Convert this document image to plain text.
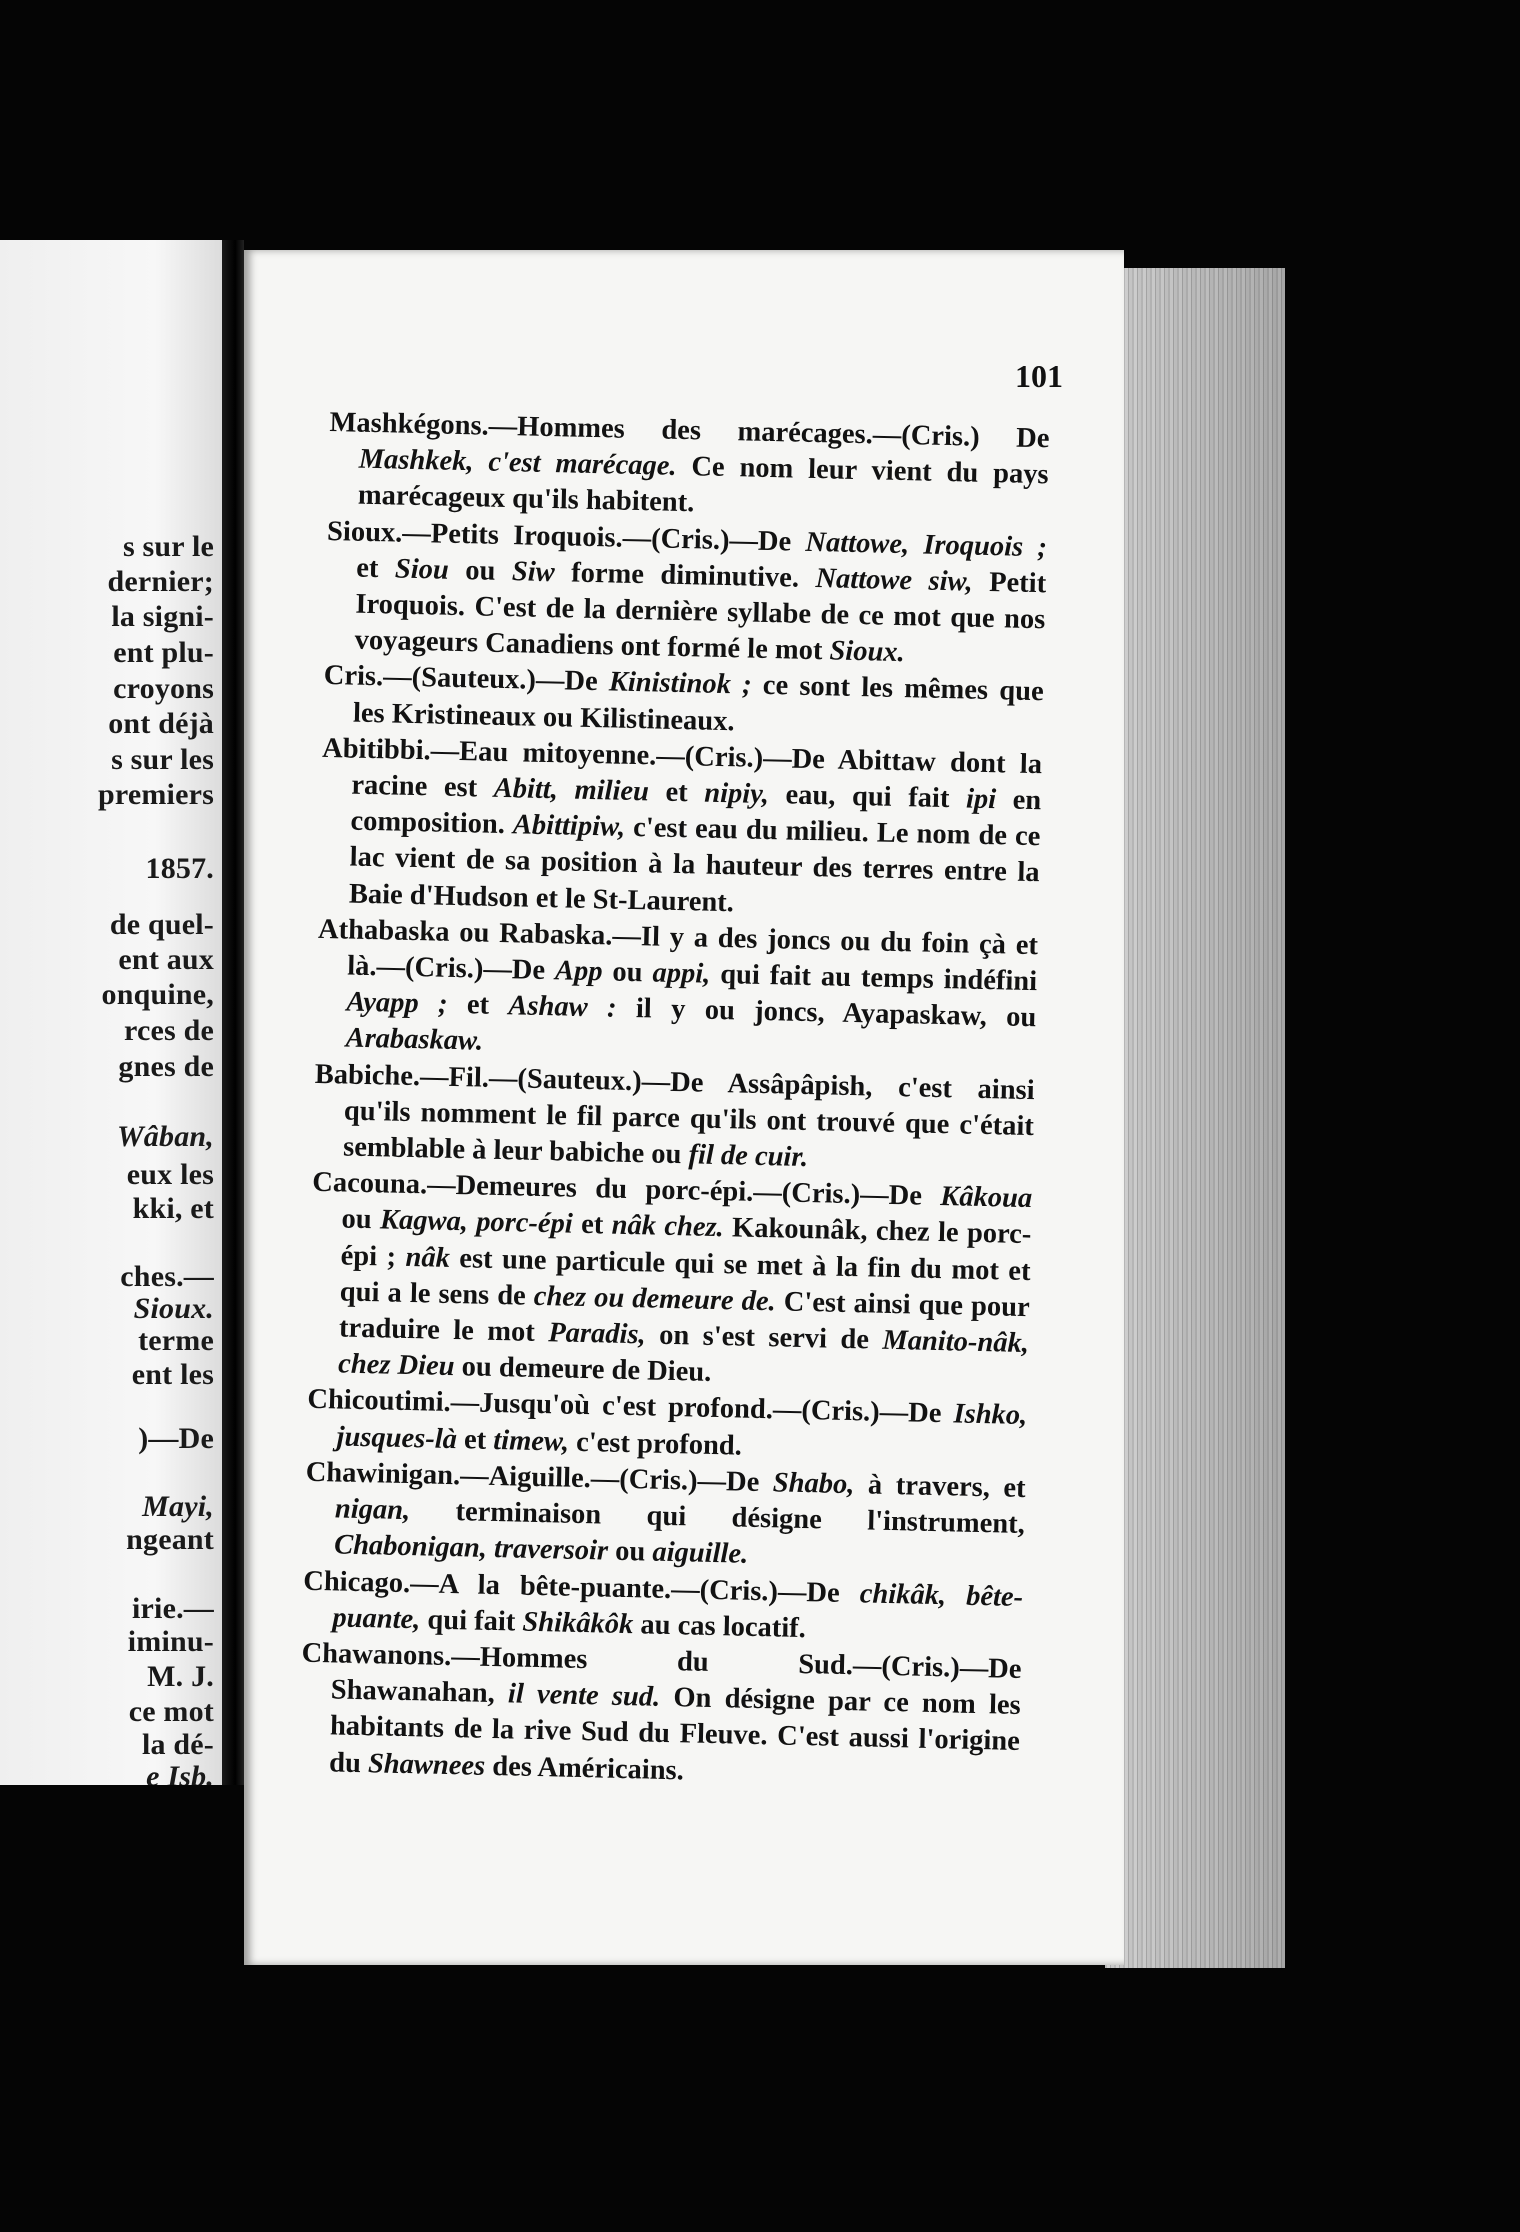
s sur le
dernier;
la signi-
ent plu-
croyons
ont déjà
s sur les
premiers
1857.
de quel-
ent aux
onquine,
rces de
gnes de
Wâban,
eux les
kki, et
ches.—
Sioux.
terme
ent les
)—De
Mayi,
ngeant
irie.—
iminu-
M. J.
ce mot
la dé-
e Isb.
101

Mashkégons.—Hommes des marécages.—(Cris.) De Mashkek, c'est marécage. Ce nom leur vient du pays marécageux qu'ils habitent.

Sioux.—Petits Iroquois.—(Cris.)—De Nattowe, Iroquois ; et Siou ou Siw forme diminutive. Nattowe siw, Petit Iroquois. C'est de la dernière syllabe de ce mot que nos voyageurs Canadiens ont formé le mot Sioux.

Cris.—(Sauteux.)—De Kinistinok ; ce sont les mêmes que les Kristineaux ou Kilistineaux.

Abitibbi.—Eau mitoyenne.—(Cris.)—De Abittaw dont la racine est Abitt, milieu et nipiy, eau, qui fait ipi en composition. Abittipiw, c'est eau du milieu. Le nom de ce lac vient de sa position à la hauteur des terres entre la Baie d'Hudson et le St-Laurent.

Athabaska ou Rabaska.—Il y a des joncs ou du foin çà et là.—(Cris.)—De App ou appi, qui fait au temps indéfini Ayapp ; et Ashaw : il y ou joncs, Ayapaskaw, ou Arabaskaw.

Babiche.—Fil.—(Sauteux.)—De Assâpâpish, c'est ainsi qu'ils nomment le fil parce qu'ils ont trouvé que c'était semblable à leur babiche ou fil de cuir.

Cacouna.—Demeures du porc-épi.—(Cris.)—De Kâkoua ou Kagwa, porc-épi et nâk chez. Kakounâk, chez le porc-épi ; nâk est une particule qui se met à la fin du mot et qui a le sens de chez ou demeure de. C'est ainsi que pour traduire le mot Paradis, on s'est servi de Manito-nâk, chez Dieu ou demeure de Dieu.

Chicoutimi.—Jusqu'où c'est profond.—(Cris.)—De Ishko, jusques-là et timew, c'est profond.

Chawinigan.—Aiguille.—(Cris.)—De Shabo, à travers, et nigan, terminaison qui désigne l'instrument, Chabonigan, traversoir ou aiguille.

Chicago.—A la bête-puante.—(Cris.)—De chikâk, bête-puante, qui fait Shikâkôk au cas locatif.

Chawanons.—Hommes du Sud.—(Cris.)—De Shawanahan, il vente sud. On désigne par ce nom les habitants de la rive Sud du Fleuve. C'est aussi l'origine du Shawnees des Américains.
